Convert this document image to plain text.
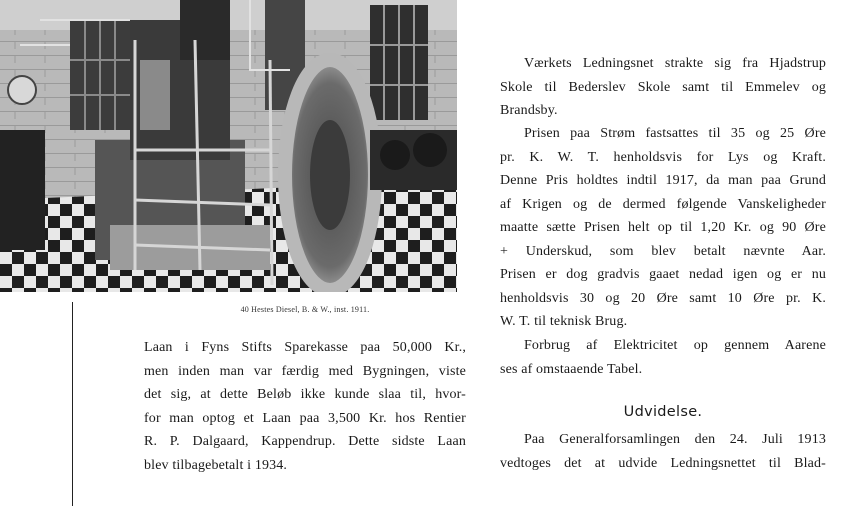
40 Hestes Diesel, B. & W., inst. 1911.
Laan i Fyns Stifts Sparekasse paa 50,000 Kr.,
men inden man var færdig med Bygningen, viste
det sig, at dette Beløb ikke kunde slaa til, hvor-
for man optog et Laan paa 3,500 Kr. hos Rentier
R. P. Dalgaard, Kappendrup. Dette sidste Laan
blev tilbagebetalt i 1934.
Værkets Ledningsnet strakte sig fra Hjadstrup
Skole til Bederslev Skole samt til Emmelev og
Brandsby.
Prisen paa Strøm fastsattes til 35 og 25 Øre
pr. K. W. T. henholdsvis for Lys og Kraft.
Denne Pris holdtes indtil 1917, da man paa Grund
af Krigen og de dermed følgende Vanskeligheder
maatte sætte Prisen helt op til 1,20 Kr. og 90 Øre
+ Underskud, som blev betalt nævnte Aar.
Prisen er dog gradvis gaaet nedad igen og er nu
henholdsvis 30 og 20 Øre samt 10 Øre pr. K.
W. T. til teknisk Brug.
Forbrug af Elektricitet op gennem Aarene
ses af omstaaende Tabel.
Udvidelse.
Paa Generalforsamlingen den 24. Juli 1913
vedtoges det at udvide Ledningsnettet til Blad-
